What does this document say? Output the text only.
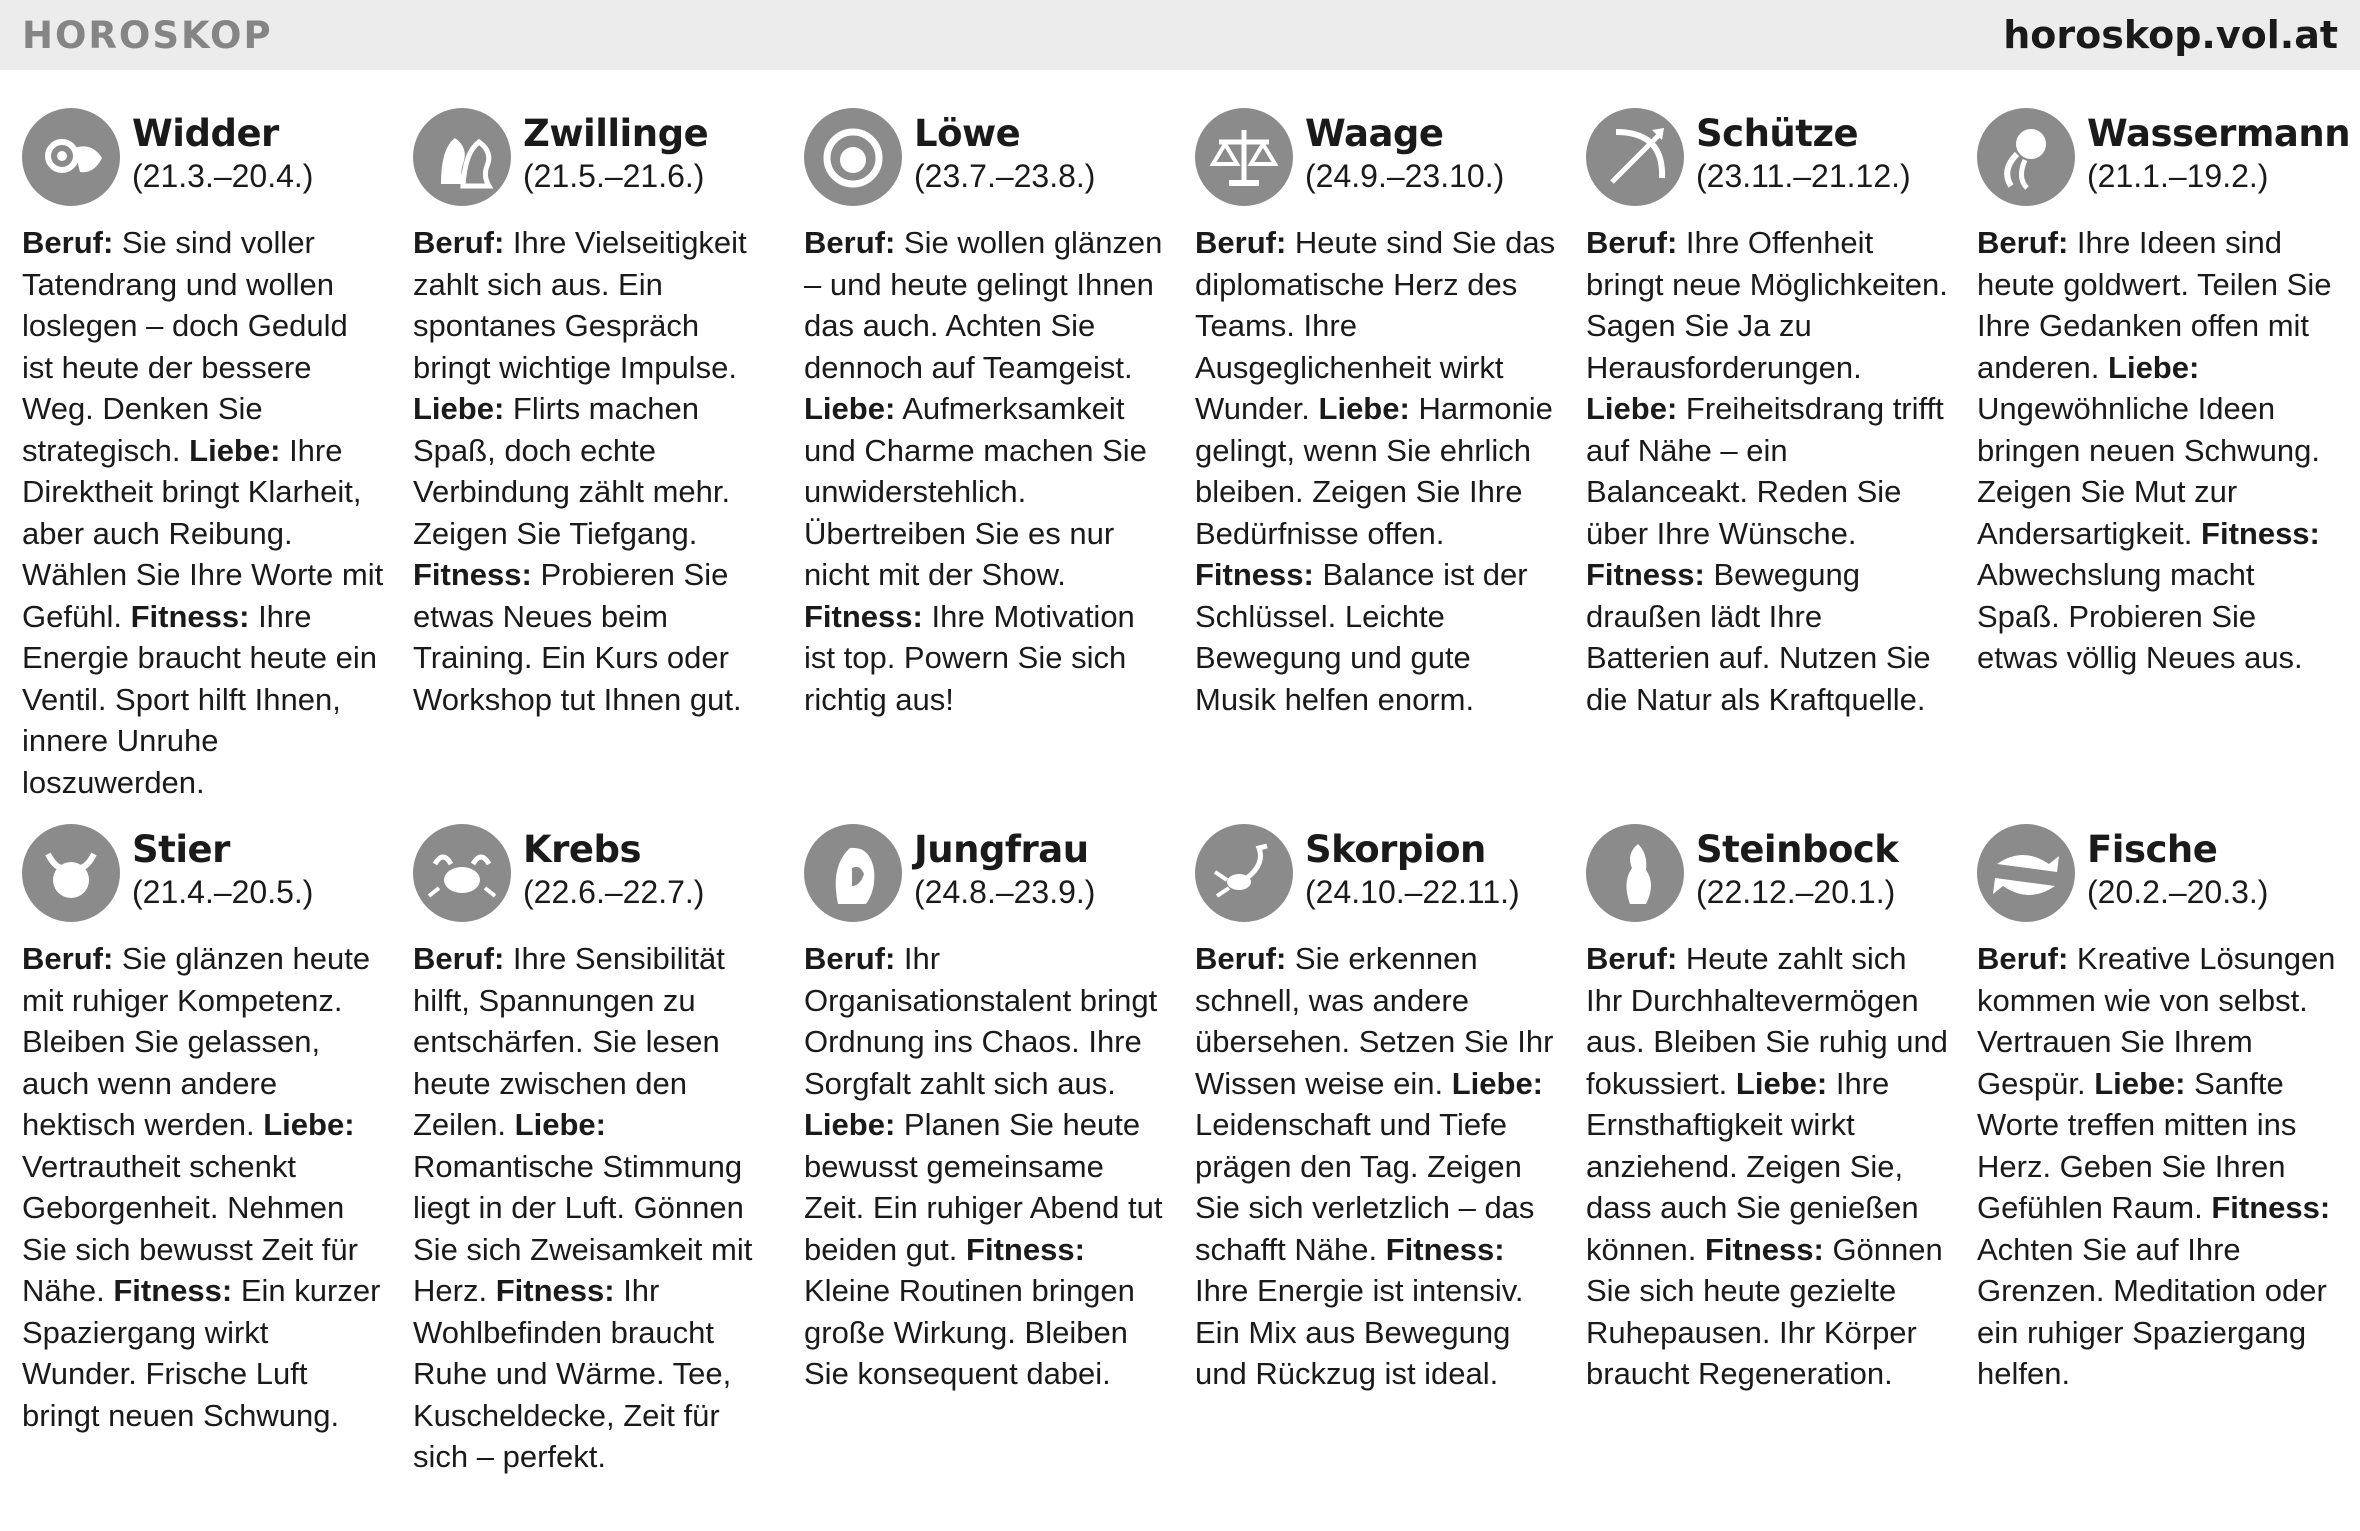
HOROSKOP	horoskop.vol.at
Widder
(21.3.–20.4.)
Beruf: Sie sind voller Tatendrang und wollen loslegen – doch Geduld ist heute der bessere Weg. Denken Sie strategisch. Liebe: Ihre Direktheit bringt Klarheit, aber auch Reibung. Wählen Sie Ihre Worte mit Gefühl. Fitness: Ihre Energie braucht heute ein Ventil. Sport hilft Ihnen, innere Unruhe loszuwerden.
Zwillinge
(21.5.–21.6.)
Beruf: Ihre Vielseitigkeit zahlt sich aus. Ein spontanes Gespräch bringt wichtige Impulse. Liebe: Flirts machen Spaß, doch echte Verbindung zählt mehr. Zeigen Sie Tiefgang. Fitness: Probieren Sie etwas Neues beim Training. Ein Kurs oder Workshop tut Ihnen gut.
Löwe
(23.7.–23.8.)
Beruf: Sie wollen glänzen – und heute gelingt Ihnen das auch. Achten Sie dennoch auf Teamgeist. Liebe: Aufmerksamkeit und Charme machen Sie unwiderstehlich. Übertreiben Sie es nur nicht mit der Show. Fitness: Ihre Motivation ist top. Powern Sie sich richtig aus!
Waage
(24.9.–23.10.)
Beruf: Heute sind Sie das diplomatische Herz des Teams. Ihre Ausgeglichenheit wirkt Wunder. Liebe: Harmonie gelingt, wenn Sie ehrlich bleiben. Zeigen Sie Ihre Bedürfnisse offen. Fitness: Balance ist der Schlüssel. Leichte Bewegung und gute Musik helfen enorm.
Schütze
(23.11.–21.12.)
Beruf: Ihre Offenheit bringt neue Möglichkeiten. Sagen Sie Ja zu Herausforderungen. Liebe: Freiheitsdrang trifft auf Nähe – ein Balanceakt. Reden Sie über Ihre Wünsche. Fitness: Bewegung draußen lädt Ihre Batterien auf. Nutzen Sie die Natur als Kraftquelle.
Wassermann
(21.1.–19.2.)
Beruf: Ihre Ideen sind heute goldwert. Teilen Sie Ihre Gedanken offen mit anderen. Liebe: Ungewöhnliche Ideen bringen neuen Schwung. Zeigen Sie Mut zur Andersartigkeit. Fitness: Abwechslung macht Spaß. Probieren Sie etwas völlig Neues aus.
Stier
(21.4.–20.5.)
Beruf: Sie glänzen heute mit ruhiger Kompetenz. Bleiben Sie gelassen, auch wenn andere hektisch werden. Liebe: Vertrautheit schenkt Geborgenheit. Nehmen Sie sich bewusst Zeit für Nähe. Fitness: Ein kurzer Spaziergang wirkt Wunder. Frische Luft bringt neuen Schwung.
Krebs
(22.6.–22.7.)
Beruf: Ihre Sensibilität hilft, Spannungen zu entschärfen. Sie lesen heute zwischen den Zeilen. Liebe: Romantische Stimmung liegt in der Luft. Gönnen Sie sich Zweisamkeit mit Herz. Fitness: Ihr Wohlbefinden braucht Ruhe und Wärme. Tee, Kuscheldecke, Zeit für sich – perfekt.
Jungfrau
(24.8.–23.9.)
Beruf: Ihr Organisationstalent bringt Ordnung ins Chaos. Ihre Sorgfalt zahlt sich aus. Liebe: Planen Sie heute bewusst gemeinsame Zeit. Ein ruhiger Abend tut beiden gut. Fitness: Kleine Routinen bringen große Wirkung. Bleiben Sie konsequent dabei.
Skorpion
(24.10.–22.11.)
Beruf: Sie erkennen schnell, was andere übersehen. Setzen Sie Ihr Wissen weise ein. Liebe: Leidenschaft und Tiefe prägen den Tag. Zeigen Sie sich verletzlich – das schafft Nähe. Fitness: Ihre Energie ist intensiv. Ein Mix aus Bewegung und Rückzug ist ideal.
Steinbock
(22.12.–20.1.)
Beruf: Heute zahlt sich Ihr Durchhaltevermögen aus. Bleiben Sie ruhig und fokussiert. Liebe: Ihre Ernsthaftigkeit wirkt anziehend. Zeigen Sie, dass auch Sie genießen können. Fitness: Gönnen Sie sich heute gezielte Ruhepausen. Ihr Körper braucht Regeneration.
Fische
(20.2.–20.3.)
Beruf: Kreative Lösungen kommen wie von selbst. Vertrauen Sie Ihrem Gespür. Liebe: Sanfte Worte treffen mitten ins Herz. Geben Sie Ihren Gefühlen Raum. Fitness: Achten Sie auf Ihre Grenzen. Meditation oder ein ruhiger Spaziergang helfen.
